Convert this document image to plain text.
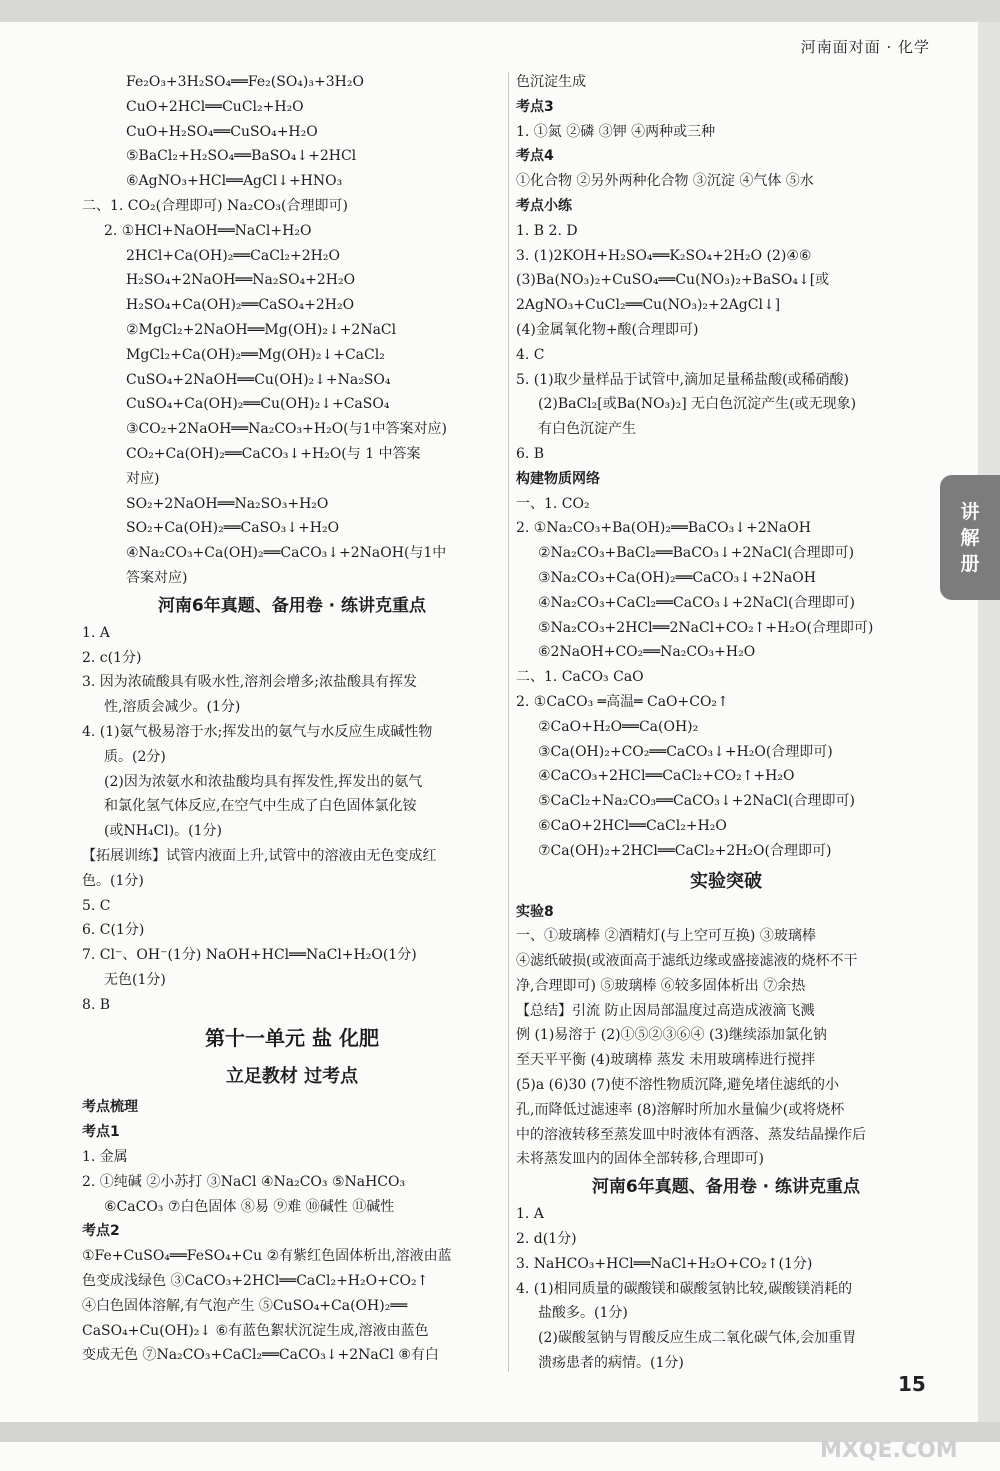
河南面对面 · 化学
Fe₂O₃+3H₂SO₄══Fe₂(SO₄)₃+3H₂O
CuO+2HCl══CuCl₂+H₂O
CuO+H₂SO₄══CuSO₄+H₂O
⑤BaCl₂+H₂SO₄══BaSO₄↓+2HCl
⑥AgNO₃+HCl══AgCl↓+HNO₃
二、1. CO₂(合理即可) Na₂CO₃(合理即可)
2. ①HCl+NaOH══NaCl+H₂O
2HCl+Ca(OH)₂══CaCl₂+2H₂O
H₂SO₄+2NaOH══Na₂SO₄+2H₂O
H₂SO₄+Ca(OH)₂══CaSO₄+2H₂O
②MgCl₂+2NaOH══Mg(OH)₂↓+2NaCl
MgCl₂+Ca(OH)₂══Mg(OH)₂↓+CaCl₂
CuSO₄+2NaOH══Cu(OH)₂↓+Na₂SO₄
CuSO₄+Ca(OH)₂══Cu(OH)₂↓+CaSO₄
③CO₂+2NaOH══Na₂CO₃+H₂O(与1中答案对应)
CO₂+Ca(OH)₂══CaCO₃↓+H₂O(与 1 中答案
对应)
SO₂+2NaOH══Na₂SO₃+H₂O
SO₂+Ca(OH)₂══CaSO₃↓+H₂O
④Na₂CO₃+Ca(OH)₂══CaCO₃↓+2NaOH(与1中
答案对应)
河南6年真题、备用卷 · 练讲克重点
1. A
2. c(1分)
3. 因为浓硫酸具有吸水性,溶剂会增多;浓盐酸具有挥发
性,溶质会减少。(1分)
4. (1)氨气极易溶于水;挥发出的氨气与水反应生成碱性物
质。(2分)
(2)因为浓氨水和浓盐酸均具有挥发性,挥发出的氨气
和氯化氢气体反应,在空气中生成了白色固体氯化铵
(或NH₄Cl)。(1分)
【拓展训练】试管内液面上升,试管中的溶液由无色变成红
色。(1分)
5. C
6. C(1分)
7. Cl⁻、OH⁻(1分) NaOH+HCl══NaCl+H₂O(1分)
无色(1分)
8. B
第十一单元 盐 化肥
立足教材 过考点
考点梳理
考点1
1. 金属
2. ①纯碱 ②小苏打 ③NaCl ④Na₂CO₃ ⑤NaHCO₃
⑥CaCO₃ ⑦白色固体 ⑧易 ⑨难 ⑩碱性 ⑪碱性
考点2
①Fe+CuSO₄══FeSO₄+Cu ②有紫红色固体析出,溶液由蓝
色变成浅绿色 ③CaCO₃+2HCl══CaCl₂+H₂O+CO₂↑
④白色固体溶解,有气泡产生 ⑤CuSO₄+Ca(OH)₂══
CaSO₄+Cu(OH)₂↓ ⑥有蓝色絮状沉淀生成,溶液由蓝色
变成无色 ⑦Na₂CO₃+CaCl₂══CaCO₃↓+2NaCl ⑧有白
色沉淀生成
考点3
1. ①氮 ②磷 ③钾 ④两种或三种
考点4
①化合物 ②另外两种化合物 ③沉淀 ④气体 ⑤水
考点小练
1. B 2. D
3. (1)2KOH+H₂SO₄══K₂SO₄+2H₂O (2)④⑥
(3)Ba(NO₃)₂+CuSO₄══Cu(NO₃)₂+BaSO₄↓[或
2AgNO₃+CuCl₂══Cu(NO₃)₂+2AgCl↓]
(4)金属氧化物+酸(合理即可)
4. C
5. (1)取少量样品于试管中,滴加足量稀盐酸(或稀硝酸)
(2)BaCl₂[或Ba(NO₃)₂] 无白色沉淀产生(或无现象)
有白色沉淀产生
6. B
构建物质网络
一、1. CO₂
2. ①Na₂CO₃+Ba(OH)₂══BaCO₃↓+2NaOH
②Na₂CO₃+BaCl₂══BaCO₃↓+2NaCl(合理即可)
③Na₂CO₃+Ca(OH)₂══CaCO₃↓+2NaOH
④Na₂CO₃+CaCl₂══CaCO₃↓+2NaCl(合理即可)
⑤Na₂CO₃+2HCl══2NaCl+CO₂↑+H₂O(合理即可)
⑥2NaOH+CO₂══Na₂CO₃+H₂O
二、1. CaCO₃ CaO
2. ①CaCO₃ ═高温═ CaO+CO₂↑
②CaO+H₂O══Ca(OH)₂
③Ca(OH)₂+CO₂══CaCO₃↓+H₂O(合理即可)
④CaCO₃+2HCl══CaCl₂+CO₂↑+H₂O
⑤CaCl₂+Na₂CO₃══CaCO₃↓+2NaCl(合理即可)
⑥CaO+2HCl══CaCl₂+H₂O
⑦Ca(OH)₂+2HCl══CaCl₂+2H₂O(合理即可)
实验突破
实验8
一、①玻璃棒 ②酒精灯(与上空可互换) ③玻璃棒
④滤纸破损(或液面高于滤纸边缘或盛接滤液的烧杯不干
净,合理即可) ⑤玻璃棒 ⑥较多固体析出 ⑦余热
【总结】引流 防止因局部温度过高造成液滴飞溅
例 (1)易溶于 (2)①⑤②③⑥④ (3)继续添加氯化钠
至天平平衡 (4)玻璃棒 蒸发 未用玻璃棒进行搅拌
(5)a (6)30 (7)使不溶性物质沉降,避免堵住滤纸的小
孔,而降低过滤速率 (8)溶解时所加水量偏少(或将烧杯
中的溶液转移至蒸发皿中时液体有洒落、蒸发结晶操作后
未将蒸发皿内的固体全部转移,合理即可)
河南6年真题、备用卷 · 练讲克重点
1. A
2. d(1分)
3. NaHCO₃+HCl══NaCl+H₂O+CO₂↑(1分)
4. (1)相同质量的碳酸镁和碳酸氢钠比较,碳酸镁消耗的
盐酸多。(1分)
(2)碳酸氢钠与胃酸反应生成二氧化碳气体,会加重胃
溃疡患者的病情。(1分)
讲
解
册
15
MXQE.COM
